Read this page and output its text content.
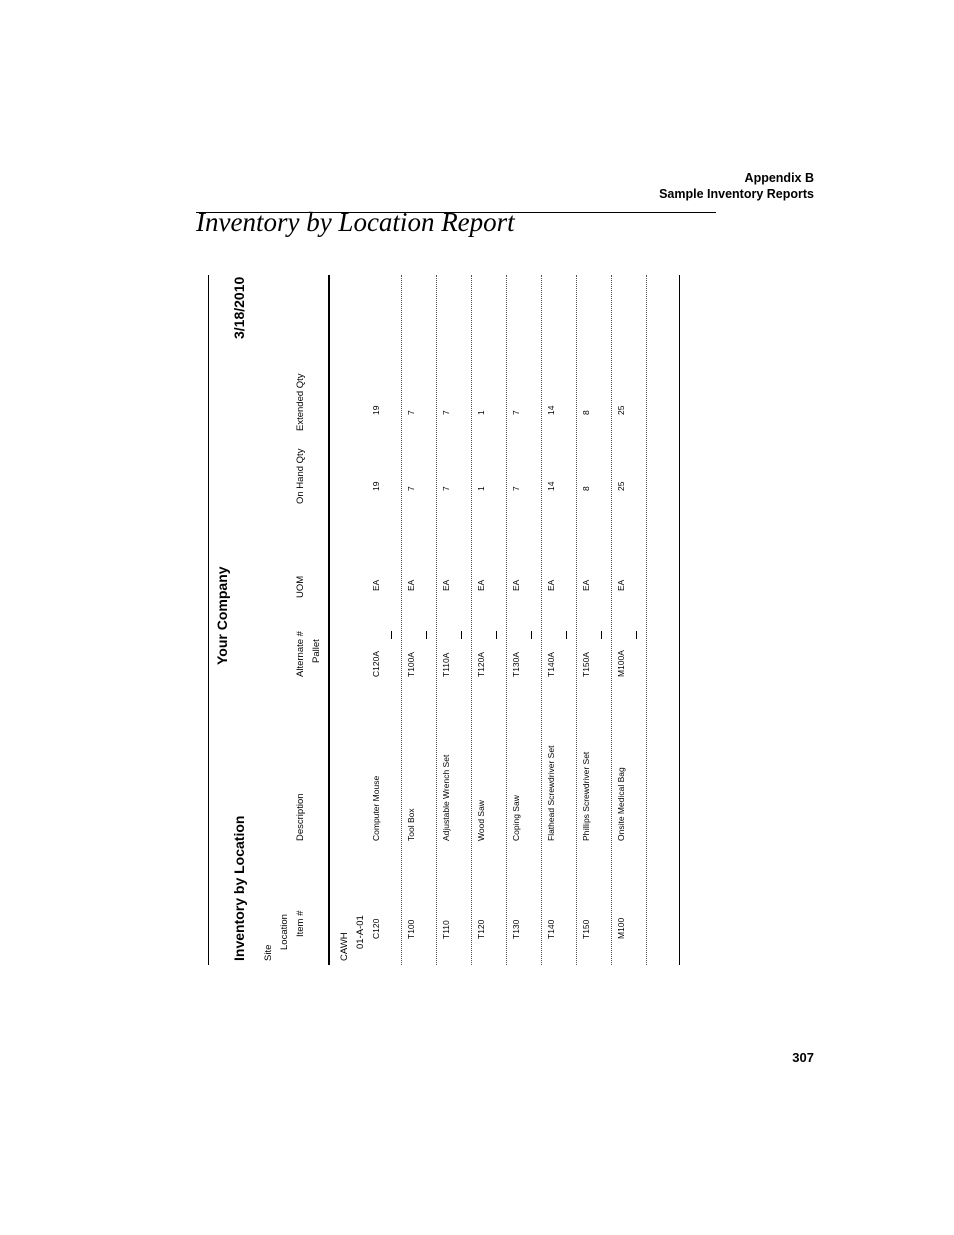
Appendix B
Sample Inventory Reports
Inventory by Location Report
Inventory by Location
Your Company
3/18/2010
Site
Location Item #
Description
Alternate # Pallet
UOM
On Hand Qty
Extended Qty
CAWH 01-A-01 C120
Computer Mouse
C120A
EA
19
19
T100
Tool Box
T100A
EA
7
7
T110
Adjustable Wrench Set
T110A
EA
7
7
T120
Wood Saw
T120A
EA
1
1
T130
Coping Saw
T130A
EA
7
7
T140
Flathead Screwdriver Set
T140A
EA
14
14
T150
Phillips Screwdriver Set
T150A
EA
8
8
M100
Onsite Medical Bag
M100A
EA
25
25
307
